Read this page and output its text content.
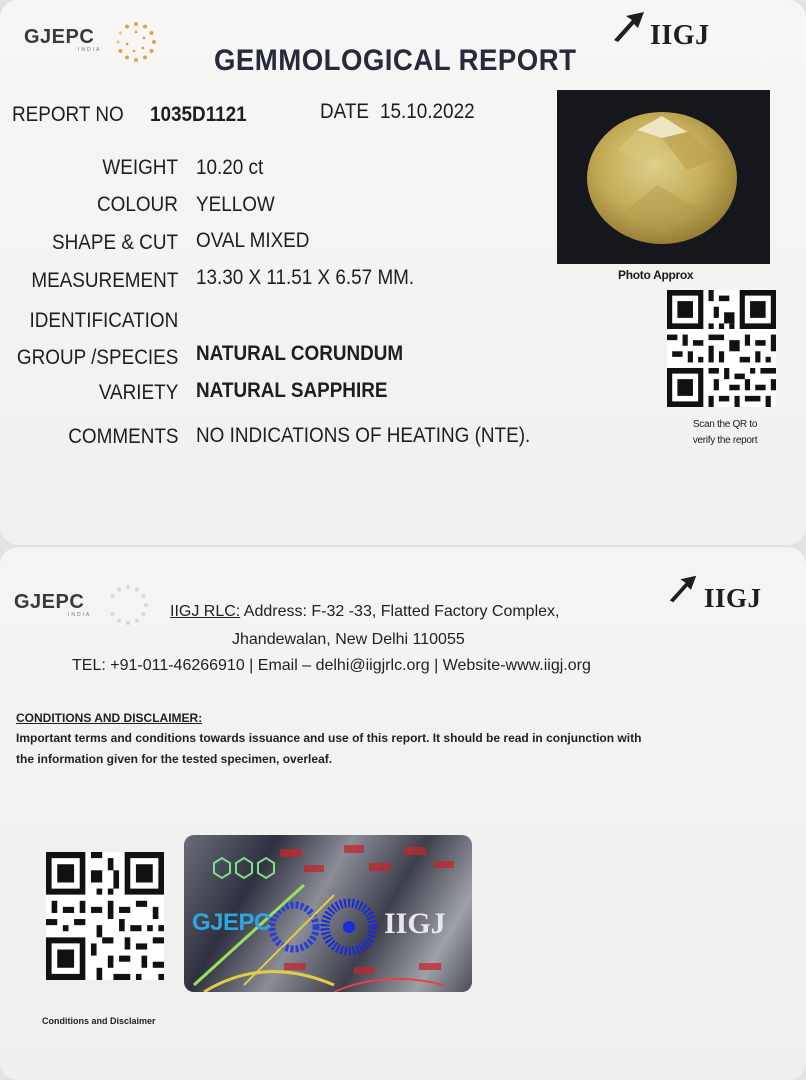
GJEPC
INDIA	IIGJ
GEMMOLOGICAL REPORT
REPORT NO 1035D1121	DATE 15.10.2022
WEIGHT 10.20 ct
COLOUR YELLOW
SHAPE & CUT OVAL MIXED
MEASUREMENT 13.30 X 11.51 X 6.57 MM.
IDENTIFICATION
GROUP /SPECIES NATURAL CORUNDUM
VARIETY NATURAL SAPPHIRE
COMMENTS NO INDICATIONS OF HEATING (NTE).
Photo Approx
Scan the QR to
verify the report
GJEPC
INDIA
IIGJ
IIGJ RLC: Address: F-32 -33, Flatted Factory Complex,
Jhandewalan, New Delhi 110055
TEL: +91-011-46266910 | Email – delhi@iigjrlc.org | Website-www.iigj.org
CONDITIONS AND DISCLAIMER:
Important terms and conditions towards issuance and use of this report. It should be read in conjunction with
the information given for the tested specimen, overleaf.
Conditions and Disclaimer
GJEPC	IIGJ
